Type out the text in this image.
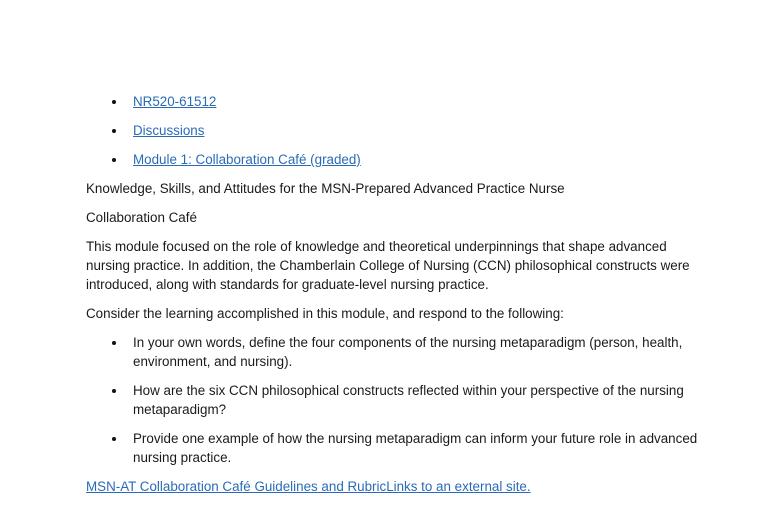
NR520-61512
Discussions
Module 1: Collaboration Café (graded)

Knowledge, Skills, and Attitudes for the MSN-Prepared Advanced Practice Nurse

Collaboration Café

This module focused on the role of knowledge and theoretical underpinnings that shape advanced nursing practice. In addition, the Chamberlain College of Nursing (CCN) philosophical constructs were introduced, along with standards for graduate-level nursing practice.

Consider the learning accomplished in this module, and respond to the following:

In your own words, define the four components of the nursing metaparadigm (person, health, environment, and nursing).
How are the six CCN philosophical constructs reflected within your perspective of the nursing metaparadigm?
Provide one example of how the nursing metaparadigm can inform your future role in advanced nursing practice.

MSN-AT Collaboration Café Guidelines and RubricLinks to an external site.
